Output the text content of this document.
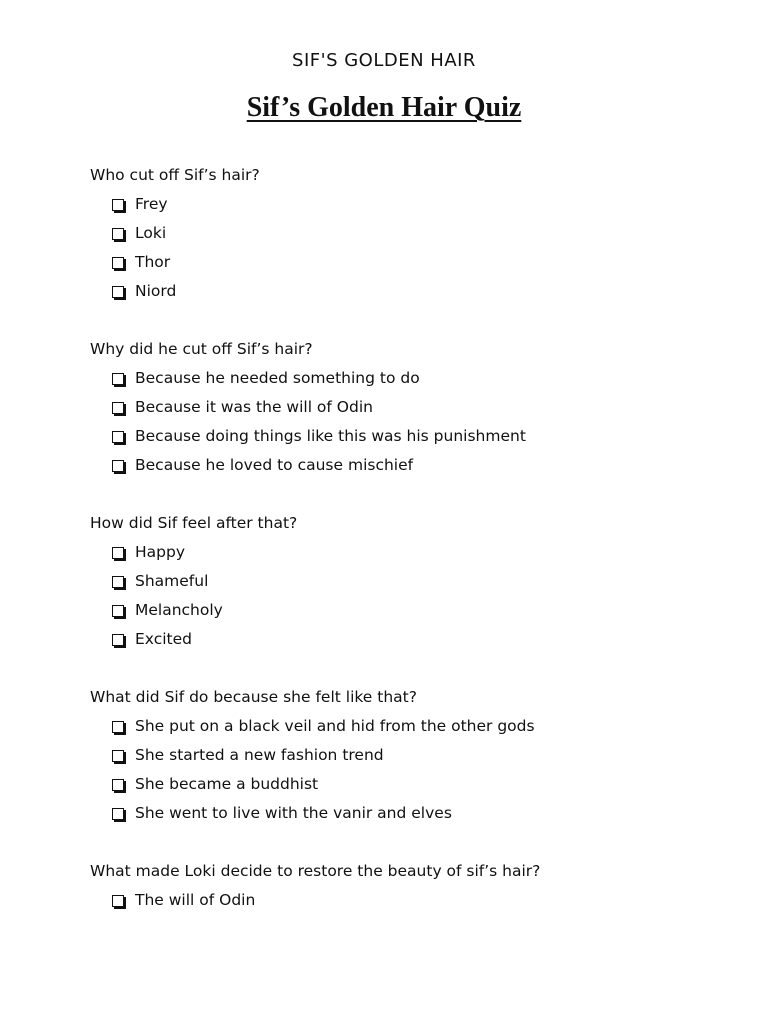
SIF'S GOLDEN HAIR
Sif’s Golden Hair Quiz
Who cut off Sif’s hair?
Frey
Loki
Thor
Niord
Why did he cut off Sif’s hair?
Because he needed something to do
Because it was the will of Odin
Because doing things like this was his punishment
Because he loved to cause mischief
How did Sif feel after that?
Happy
Shameful
Melancholy
Excited
What did Sif do because she felt like that?
She put on a black veil and hid from the other gods
She started a new fashion trend
She became a buddhist
She went to live with the vanir and elves
What made Loki decide to restore the beauty of sif’s hair?
The will of Odin
